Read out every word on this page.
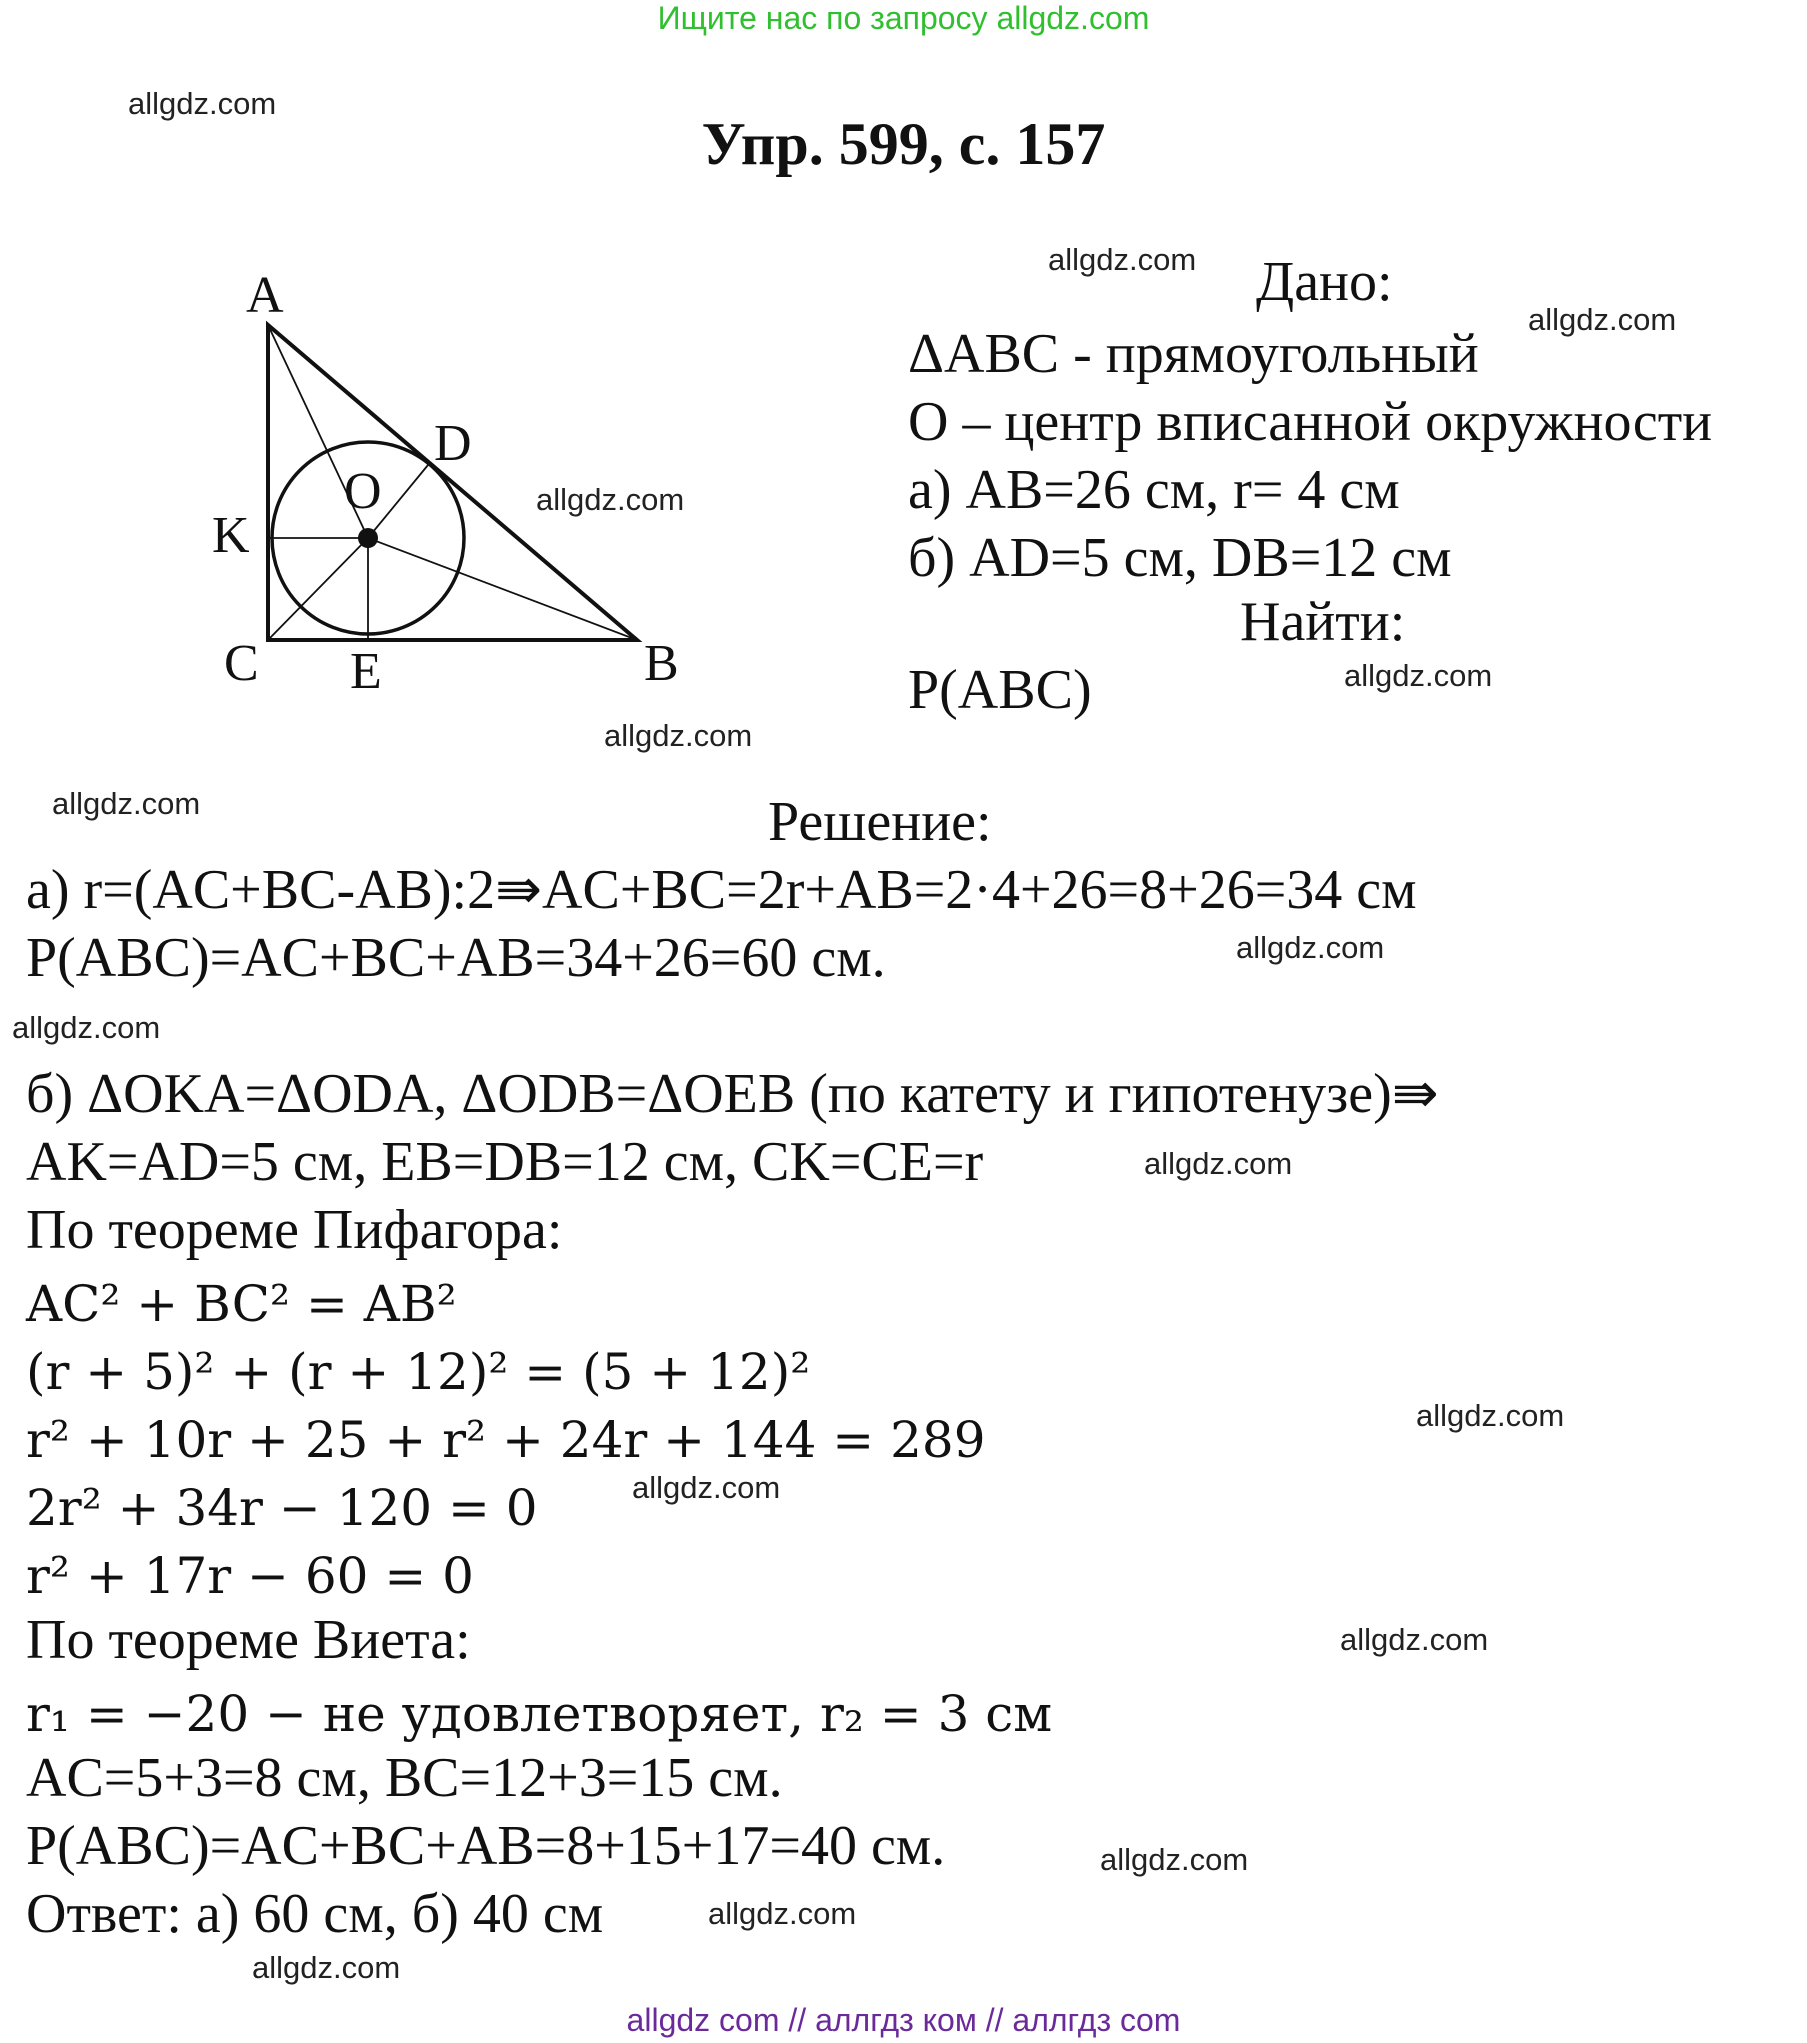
Ищите нас по запросу allgdz.com
Упр. 599, с. 157
allgdz.com
allgdz.com
allgdz.com
allgdz.com
allgdz.com
allgdz.com
allgdz.com
allgdz.com
allgdz.com
allgdz.com
allgdz.com
allgdz.com
allgdz.com
allgdz.com
allgdz.com
allgdz.com
A
B
C
D
E
K
O
Дано:
ΔABC - прямоугольный
O – центр вписанной окружности
а) AB=26 см, r= 4 см
б) AD=5 см, DB=12 см
Найти:
P(ABC)
Решение:
а) r=(AC+BC-AB):2⇛AC+BC=2r+AB=2·4+26=8+26=34 см
P(ABC)=AC+BC+AB=34+26=60 см.
б) ΔOKA=ΔODA, ΔODB=ΔOEB (по катету и гипотенузе)⇛
AK=AD=5 см, EB=DB=12 см, CK=CE=r
По теореме Пифагора:
AC² + BC² = AB²
(r + 5)² + (r + 12)² = (5 + 12)²
r² + 10r + 25 + r² + 24r + 144 = 289
2r² + 34r − 120 = 0
r² + 17r − 60 = 0
По теореме Виета:
r₁ = −20 − не удовлетворяет, r₂ = 3 см
AC=5+3=8 см, BC=12+3=15 см.
P(ABC)=AC+BC+AB=8+15+17=40 см.
Ответ: а) 60 см, б) 40 см
allgdz com // аллгдз ком // аллгдз com
